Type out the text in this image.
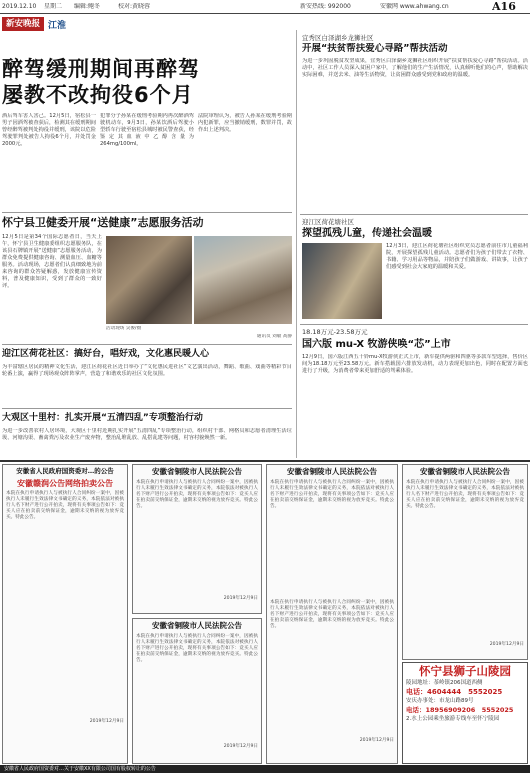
2019.12.10 星期二 编辑:鲍冬	校对:黄晓蓉	新安热线: 992000	安徽网 www.ahwang.cn	A16
新安晚报 江淮
醉驾缓刑期间再醉驾
屡教不改拘役6个月
酒后驾车害人害己。12月5日，宿松县一男子因酒驾被查获后，检测其在缓刑期间曾经醉驾被判处拘役并缓刑，该院以危险驾驶罪判处被告人拘役6个月，并处罚金2000元。
犯罪分子孙某在缓刑考验期内再次醉酒驾驶机动车，9月3日，孙某饮酒后驾驶小型轿车行驶至宿松县城时被民警查获，经鉴定其血液中乙醇含量为264mg/100ml。
法院审理认为，被告人孙某在缓刑考验期内犯新罪，应当撤销缓刑，数罪并罚，故作出上述判决。
怀宁县卫健委开展“送健康”志愿服务活动
12月5日是第34个国际志愿者日，当天上午，怀宁县卫生健康委组织志愿服务队，在该县石牌镇开展“送健康”志愿服务活动，为群众免费提供健康咨询、测量血压、血糖等服务。活动现场，志愿者们认真细致地为前来咨询的群众答疑解惑，发放健康宣传资料，普及健康知识，受到了群众的一致好评。
活动现场 吴俊/摄
通讯员 刘敏 高静
迎江区荷花社区：搞好台，唱好戏，文化惠民暖人心
为丰富辖区居民的精神文化生活，迎江区荷花社区近日举办了“文化惠民进社区”文艺演出活动，舞蹈、歌曲、戏曲等精彩节目轮番上演，赢得了现场观众阵阵掌声，营造了和谐欢乐的社区文化氛围。
大观区十里村：扎实开展“五清四乱”专项整治行动
为进一步改善农村人居环境，大观区十里村近期扎实开展“五清四乱”专项整治行动，组织村干部、网格员和志愿者清理生活垃圾、河塘沟渠、畜禽粪污及农业生产废弃物，整治乱堆乱放、乱搭乱建等问题，村容村貌焕然一新。
宜秀区白泽湖乡龙狮社区
开展“扶贫帮扶爱心寻路”帮扶活动
为进一步巩固脱贫攻坚成果，宜秀区白泽湖乡龙狮社区组织开展“扶贫帮扶爱心寻路”帮扶活动。活动中，社区工作人员深入贫困户家中，了解他们的生产生活情况，认真倾听他们的心声，帮助解决实际困难，并送去米、油等生活物资，让贫困群众感受到党和政府的温暖。
迎江区荷花塘社区
探望孤残儿童，传递社会温暖
12月3日，迎江区荷花塘社区组织党员志愿者前往市儿童福利院，开展探望孤残儿童活动。志愿者们为孩子们带去了衣物、书籍、学习用品等物品，并陪孩子们做游戏、讲故事，让孩子们感受到社会大家庭的温暖和关爱。
18.18万元-23.58万元
国六版 mu-X 牧游侠唤“芯”上市
12月9日，国六版江西五十铃mu-X牧游侠正式上市，新车提供两驱和四驱等多款车型选择，售价区间为18.18万元至23.58万元。新车搭载国六排放发动机，动力表现更加出色，同时在配置方面也进行了升级，为消费者带来更加舒适的驾乘体验。
安徽省人民政府国资委对…的公告
安徽赣润公告网络拍卖公告
本院在执行申请执行人与被执行人合同纠纷一案中，因被执行人未履行生效法律文书确定的义务，本院依法对被执行人名下财产进行公开拍卖，现将有关事项公告如下：竞买人应在拍卖前交纳保证金，逾期未交纳的视为放弃竞买。特此公告。
2019年12月9日
安徽省铜陵市人民法院公告
本院在执行申请执行人与被执行人合同纠纷一案中，因被执行人未履行生效法律文书确定的义务，本院依法对被执行人名下财产进行公开拍卖，现将有关事项公告如下：竞买人应在拍卖前交纳保证金，逾期未交纳的视为放弃竞买。特此公告。
2019年12月9日
安徽省铜陵市人民法院公告
本院在执行申请执行人与被执行人合同纠纷一案中，因被执行人未履行生效法律文书确定的义务，本院依法对被执行人名下财产进行公开拍卖，现将有关事项公告如下：竞买人应在拍卖前交纳保证金，逾期未交纳的视为放弃竞买。特此公告。
2019年12月9日
安徽省铜陵市人民法院公告
本院在执行申请执行人与被执行人合同纠纷一案中，因被执行人未履行生效法律文书确定的义务，本院依法对被执行人名下财产进行公开拍卖，现将有关事项公告如下：竞买人应在拍卖前交纳保证金，逾期未交纳的视为放弃竞买。特此公告。
本院在执行申请执行人与被执行人合同纠纷一案中，因被执行人未履行生效法律文书确定的义务，本院依法对被执行人名下财产进行公开拍卖，现将有关事项公告如下：竞买人应在拍卖前交纳保证金，逾期未交纳的视为放弃竞买。特此公告。
2019年12月9日
安徽省铜陵市人民法院公告
本院在执行申请执行人与被执行人合同纠纷一案中，因被执行人未履行生效法律文书确定的义务，本院依法对被执行人名下财产进行公开拍卖，现将有关事项公告如下：竞买人应在拍卖前交纳保证金，逾期未交纳的视为放弃竞买。特此公告。
2019年12月9日
怀宁县狮子山陵园
陵园地址：茶岭镇206国道西侧
电话：4604444　5552025
安庆办事处：市龙山路89号
电话：18956909206　5552025
2.水上公园乘坐旅游专线车至怀宁陵园
安徽省人民政府国资委对…关于安徽XX有限公司国有股权转让的公告
